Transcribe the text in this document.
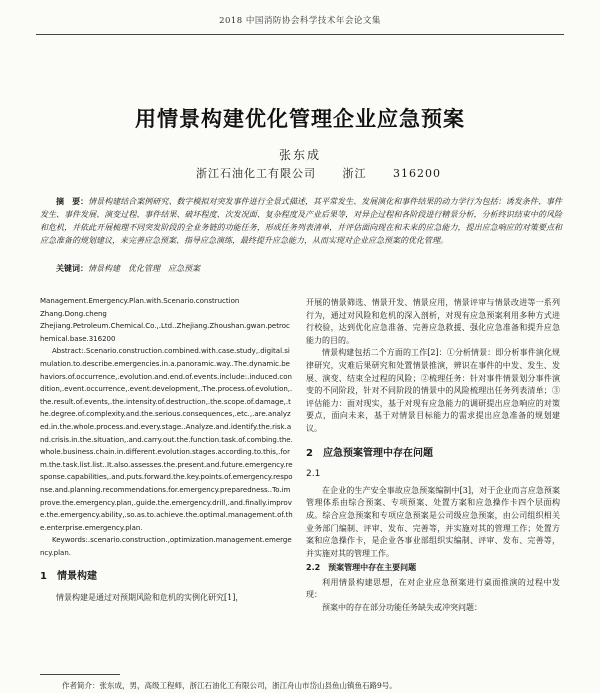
2018 中国消防协会科学技术年会论文集
用情景构建优化管理企业应急预案
张东成
浙江石油化工有限公司 浙江 316200

摘　要：情景构建结合案例研究、数字模拟对突发事件进行全景式描述，其平常发生、发展演化和事件结果的动力学行为包括：诱发条件、事件发生、事件发展、演变过程、事件结果、破坏程度、次发况面、复杂程度及产业后果等，对异企过程和各阶段进行精景分析，分析终识结束中的风险和危机，并依此开展梳理不同突发阶段的全业务链的功能任务，形成任务列表清单，并评估面向现在和未来的应急能力，提出应急响应的对策要点和应急准备的规划建议，来完善应急预案、指导应急演练，最终提升应急能力，从而实现对企业应急预案的优化管理。

关键词：情景构建　优化管理　应急预案

Management.Emergency.Plan.with.Scenario.construction

Zhang.Dong.cheng

Zhejiang.Petroleum.Chemical.Co.,.Ltd..Zhejiang.Zhoushan.gwan.petrochemical.base.316200

Abstract:.Scenario.construction.combined.with.case.study,.digital.simulation.to.describe.emergencies.in.a.panoramic.way..The.dynamic.behaviors.of.occurrence,.evolution.and.end.of.events.include:.induced.condition,.event.occurrence,.event.development,.The.process.of.evolution,.the.result.of.events,.the.intensity.of.destruction,.the.scope.of.damage,.the.degree.of.complexity.and.the.serious.consequences,.etc.,.are.analyzed.in.the.whole.process.and.every.stage..Analyze.and.identify.the.risk.and.crisis.in.the.situation,.and.carry.out.the.function.task.of.combing.the.whole.business.chain.in.different.evolution.stages.according.to.this,.form.the.task.list.list..It.also.assesses.the.present.and.future.emergency.response.capabilities,.and.puts.forward.the.key.points.of.emergency.response.and.planning.recommendations.for.emergency.preparedness..To.improve.the.emergency.plan,.guide.the.emergency.drill,.and.finally.improve.the.emergency.ability,.so.as.to.achieve.the.optimal.management.of.the.enterprise.emergency.plan.

Keywords:.scenario.construction.,optimization.management.emergency.plan.

1　情景构建

情景构建是通过对预期风险和危机的实例化研究[1]，

开展的情景筛选、情景开发、情景应用，情景评审与情景改进等一系列行为，通过对风险和危机的深入剖析，对现有应急预案利用多种方式进行校验，达到优化应急准备、完善应急救援、强化应急准备和提升应急能力的目的。

情景构建包括二个方面的工作[2]：①分析情景：即分析事件演化规律研究，灾难后果研究和处置情景推演，辨识在事件的中发、发生、发展、演变、结束全过程的风险；②梳理任务：针对事件情景划分事件演变的不同阶段，针对不同阶段的情景中的风险梳理出任务列表清单；③评估能力：面对现实，基于对现有应急能力的调研提出应急响应的对策要点，面向未来，基于对情景目标能力的需求提出应急准备的规划建议。

2　应急预案管理中存在问题
2.1

在企业的生产安全事故应急预案编制中[3]，对于企业而言应急预案管理体系由综合预案、专项预案、处置方案和应急操作卡四个层面构成。综合应急预案和专项应急预案是公司级应急预案，由公司组织相关业务部门编制、评审、发布、完善等，并实施对其的管理工作；处置方案和应急操作卡，是企业各事业部组织实编制、评审、发布、完善等，并实施对其的管理工作。

2.2　预案管理中存在主要问题

利用情景构建思想，在对企业应急预案进行桌面推演的过程中发现：

预案中的存在部分功能任务缺失或冲突问题：

作者简介：张东成，男，高级工程师，浙江石油化工有限公司，浙江舟山市岱山县鱼山镇鱼石路9号。
